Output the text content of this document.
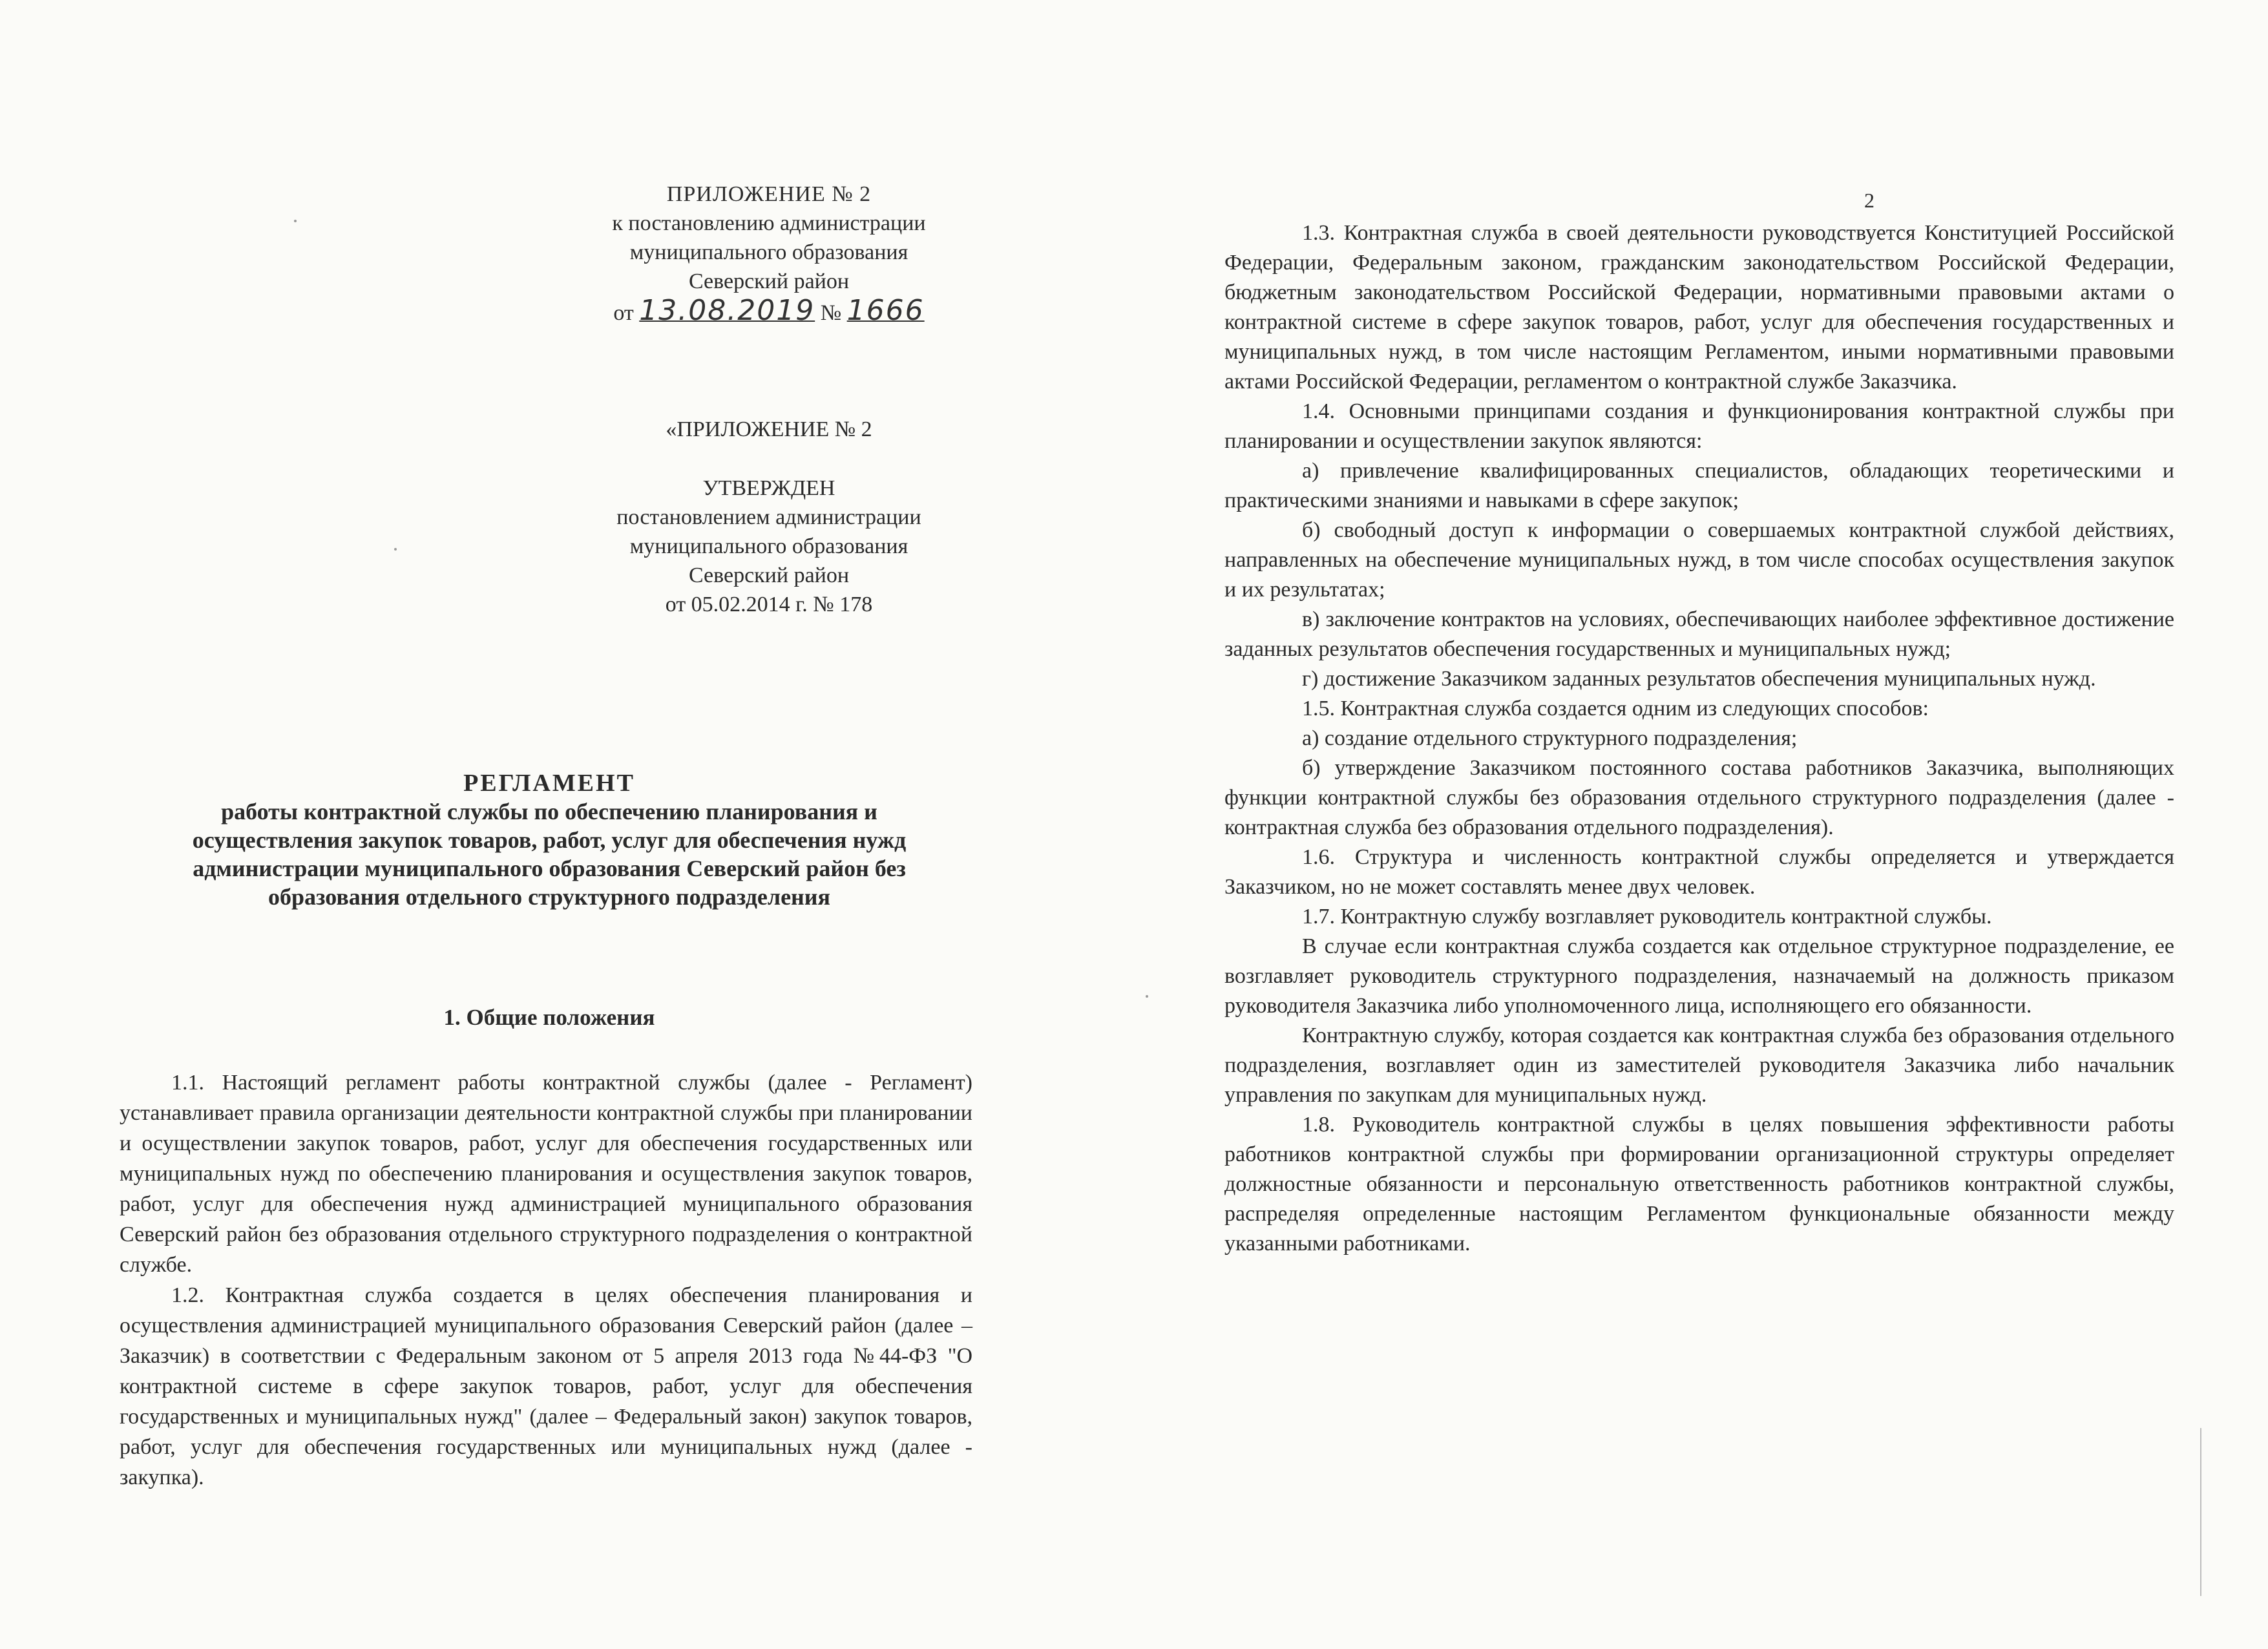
ПРИЛОЖЕНИЕ № 2
к постановлению администрации
муниципального образования
Северский район
от 13.08.2019 № 1666
«ПРИЛОЖЕНИЕ № 2
УТВЕРЖДЕН
постановлением администрации
муниципального образования
Северский район
от 05.02.2014 г. № 178
РЕГЛАМЕНТ
работы контрактной службы по обеспечению планирования и
осуществления закупок товаров, работ, услуг для обеспечения нужд
администрации муниципального образования Северский район без
образования отдельного структурного подразделения
1. Общие положения

1.1. Настоящий регламент работы контрактной службы (далее - Регламент) устанавливает правила организации деятельности контрактной службы при планировании и осуществлении закупок товаров, работ, услуг для обеспечения государственных или муниципальных нужд по обеспечению планирования и осуществления закупок товаров, работ, услуг для обеспечения нужд администрацией муниципального образования Северский район без образования отдельного структурного подразделения о контрактной службе.

1.2. Контрактная служба создается в целях обеспечения планирования и осуществления администрацией муниципального образования Северский район (далее – Заказчик) в соответствии с Федеральным законом от 5 апреля 2013 года №44-ФЗ "О контрактной системе в сфере закупок товаров, работ, услуг для обеспечения государственных и муниципальных нужд" (далее – Федеральный закон) закупок товаров, работ, услуг для обеспечения государственных или муниципальных нужд (далее - закупка).

2

1.3. Контрактная служба в своей деятельности руководствуется Конституцией Российской Федерации, Федеральным законом, гражданским законодательством Российской Федерации, бюджетным законодательством Российской Федерации, нормативными правовыми актами о контрактной системе в сфере закупок товаров, работ, услуг для обеспечения государственных и муниципальных нужд, в том числе настоящим Регламентом, иными нормативными правовыми актами Российской Федерации, регламентом о контрактной службе Заказчика.

1.4. Основными принципами создания и функционирования контрактной службы при планировании и осуществлении закупок являются:

а) привлечение квалифицированных специалистов, обладающих теоретическими и практическими знаниями и навыками в сфере закупок;

б) свободный доступ к информации о совершаемых контрактной службой действиях, направленных на обеспечение муниципальных нужд, в том числе способах осуществления закупок и их результатах;

в) заключение контрактов на условиях, обеспечивающих наиболее эффективное достижение заданных результатов обеспечения государственных и муниципальных нужд;

г) достижение Заказчиком заданных результатов обеспечения муниципальных нужд.

1.5. Контрактная служба создается одним из следующих способов:

а) создание отдельного структурного подразделения;

б) утверждение Заказчиком постоянного состава работников Заказчика, выполняющих функции контрактной службы без образования отдельного структурного подразделения (далее - контрактная служба без образования отдельного подразделения).

1.6. Структура и численность контрактной службы определяется и утверждается Заказчиком, но не может составлять менее двух человек.

1.7. Контрактную службу возглавляет руководитель контрактной службы.

В случае если контрактная служба создается как отдельное структурное подразделение, ее возглавляет руководитель структурного подразделения, назначаемый на должность приказом руководителя Заказчика либо уполномоченного лица, исполняющего его обязанности.

Контрактную службу, которая создается как контрактная служба без образования отдельного подразделения, возглавляет один из заместителей руководителя Заказчика либо начальник управления по закупкам для муниципальных нужд.

1.8. Руководитель контрактной службы в целях повышения эффективности работы работников контрактной службы при формировании организационной структуры определяет должностные обязанности и персональную ответственность работников контрактной службы, распределяя определенные настоящим Регламентом функциональные обязанности между указанными работниками.
